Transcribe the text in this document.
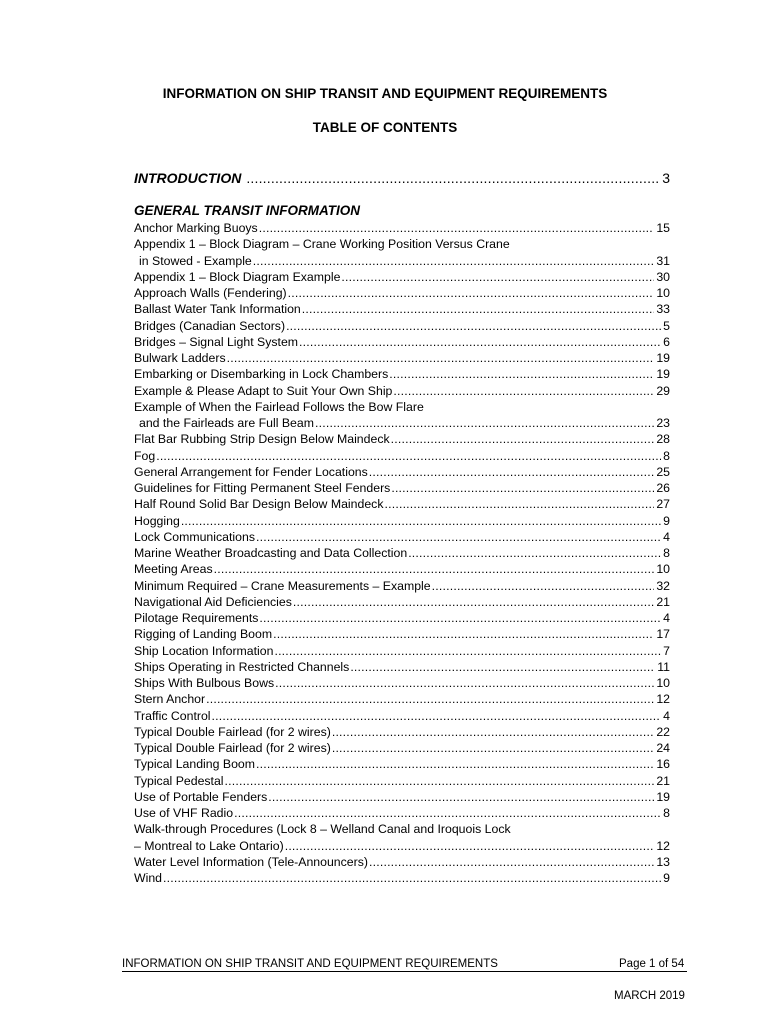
INFORMATION ON SHIP TRANSIT AND EQUIPMENT REQUIREMENTS
TABLE OF CONTENTS
INTRODUCTION .....	3
GENERAL TRANSIT INFORMATION
Anchor Marking Buoys .....	15
Appendix 1 – Block Diagram – Crane Working Position Versus Crane
in Stowed - Example .....	31
Appendix 1 – Block Diagram Example .....	30
Approach Walls (Fendering) .....	10
Ballast Water Tank Information .....	33
Bridges (Canadian Sectors) .....	5
Bridges – Signal Light System .....	6
Bulwark Ladders .....	19
Embarking or Disembarking in Lock Chambers .....	19
Example & Please Adapt to Suit Your Own Ship .....	29
Example of When the Fairlead Follows the Bow Flare
and the Fairleads are Full Beam .....	23
Flat Bar Rubbing Strip Design Below Maindeck .....	28
Fog .....	8
General Arrangement for Fender Locations .....	25
Guidelines for Fitting Permanent Steel Fenders .....	26
Half Round Solid Bar Design Below Maindeck .....	27
Hogging .....	9
Lock Communications .....	4
Marine Weather Broadcasting and Data Collection .....	8
Meeting Areas .....	10
Minimum Required – Crane Measurements – Example .....	32
Navigational Aid Deficiencies .....	21
Pilotage Requirements .....	4
Rigging of Landing Boom .....	17
Ship Location Information .....	7
Ships Operating in Restricted Channels .....	11
Ships With Bulbous Bows .....	10
Stern Anchor .....	12
Traffic Control .....	4
Typical Double Fairlead (for 2 wires) .....	22
Typical Double Fairlead (for 2 wires) .....	24
Typical Landing Boom .....	16
Typical Pedestal .....	21
Use of Portable Fenders .....	19
Use of VHF Radio .....	8
Walk-through Procedures (Lock 8 – Welland Canal and Iroquois Lock
– Montreal to Lake Ontario) .....	12
Water Level Information (Tele-Announcers) .....	13
Wind .....	9
INFORMATION ON SHIP TRANSIT AND EQUIPMENT REQUIREMENTS	Page 1 of 54
MARCH 2019
